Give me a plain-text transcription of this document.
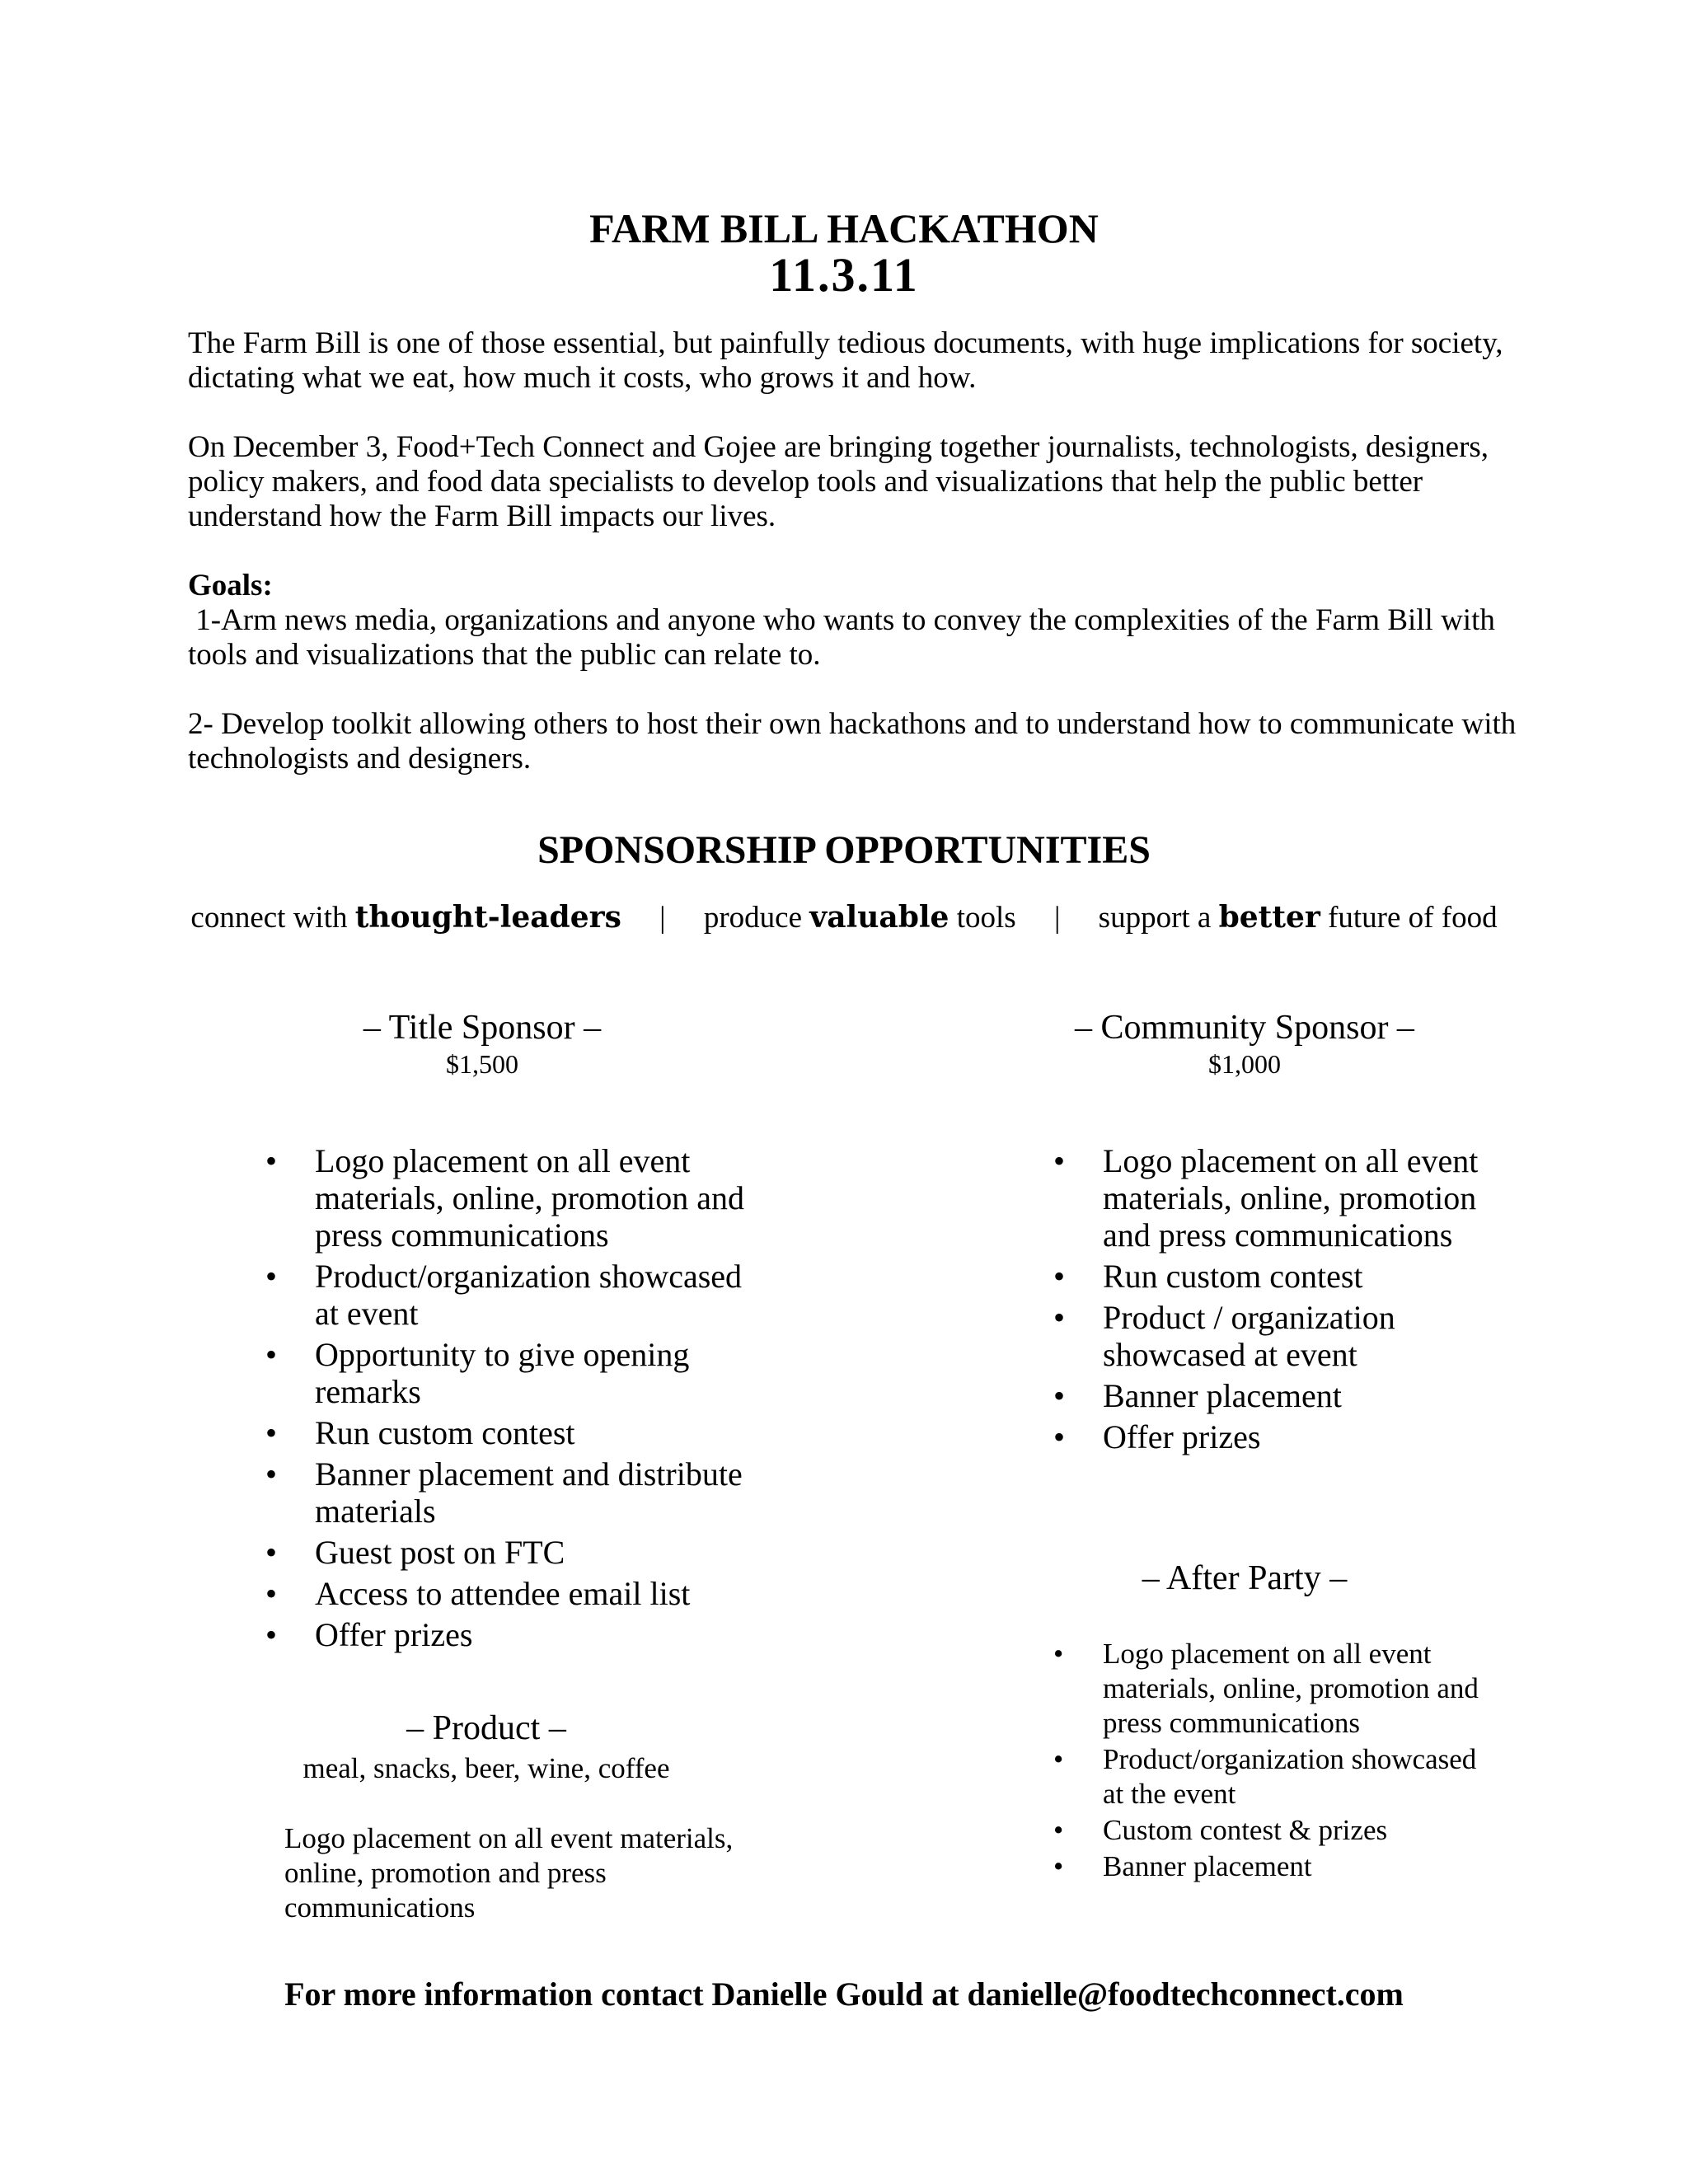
FARM BILL HACKATHON
11.3.11
The Farm Bill is one of those essential, but painfully tedious documents, with huge implications for society, dictating what we eat, how much it costs, who grows it and how.
On December 3, Food+Tech Connect and Gojee are bringing together journalists, technologists, designers, policy makers, and food data specialists to develop tools and visualizations that help the public better understand how the Farm Bill impacts our lives.
Goals:
1-Arm news media, organizations and anyone who wants to convey the complexities of the Farm Bill with tools and visualizations that the public can relate to.
2- Develop toolkit allowing others to host their own hackathons and to understand how to communicate with technologists and designers.
SPONSORSHIP OPPORTUNITIES
connect with thought-leaders | produce valuable tools | support a better future of food
– Title Sponsor –
$1,500
• Logo placement on all event materials, online, promotion and press communications
• Product/organization showcased at event
• Opportunity to give opening remarks
• Run custom contest
• Banner placement and distribute materials
• Guest post on FTC
• Access to attendee email list
• Offer prizes
– Product –
meal, snacks, beer, wine, coffee
Logo placement on all event materials, online, promotion and press communications
– Community Sponsor –
$1,000
• Logo placement on all event materials, online, promotion and press communications
• Run custom contest
• Product / organization showcased at event
• Banner placement
• Offer prizes
– After Party –
• Logo placement on all event materials, online, promotion and press communications
• Product/organization showcased at the event
• Custom contest & prizes
• Banner placement
For more information contact Danielle Gould at danielle@foodtechconnect.com
